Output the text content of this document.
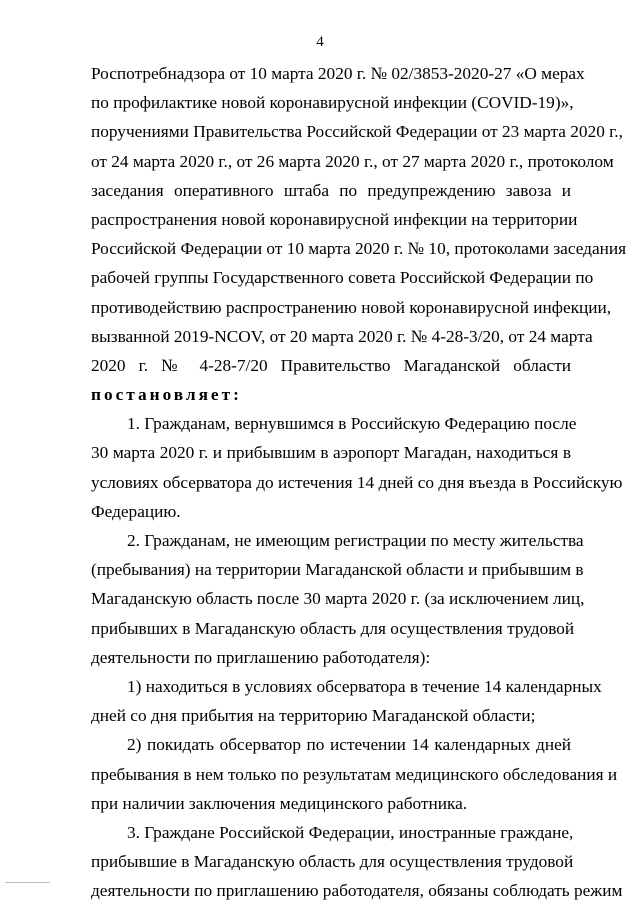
4
Роспотребнадзора от 10 марта 2020 г. № 02/3853-2020-27 «О мерах
по профилактике новой коронавирусной инфекции (COVID-19)»,
поручениями Правительства Российской Федерации от 23 марта 2020 г.,
от 24 марта 2020 г., от 26 марта 2020 г., от 27 марта 2020 г., протоколом
заседания оперативного штаба по предупреждению завоза и
распространения новой коронавирусной инфекции на территории
Российской Федерации от 10 марта 2020 г. № 10, протоколами заседания
рабочей группы Государственного совета Российской Федерации по
противодействию распространению новой коронавирусной инфекции,
вызванной 2019-NCOV, от 20 марта 2020 г. № 4-28-3/20, от 24 марта
2020 г. № 4-28-7/20 Правительство Магаданской области
постановляет:
1. Гражданам, вернувшимся в Российскую Федерацию после
30 марта 2020 г. и прибывшим в аэропорт Магадан, находиться в
условиях обсерватора до истечения 14 дней со дня въезда в Российскую
Федерацию.
2. Гражданам, не имеющим регистрации по месту жительства
(пребывания) на территории Магаданской области и прибывшим в
Магаданскую область после 30 марта 2020 г. (за исключением лиц,
прибывших в Магаданскую область для осуществления трудовой
деятельности по приглашению работодателя):
1) находиться в условиях обсерватора в течение 14 календарных
дней со дня прибытия на территорию Магаданской области;
2) покидать обсерватор по истечении 14 календарных дней
пребывания в нем только по результатам медицинского обследования и
при наличии заключения медицинского работника.
3. Граждане Российской Федерации, иностранные граждане,
прибывшие в Магаданскую область для осуществления трудовой
деятельности по приглашению работодателя, обязаны соблюдать режим
